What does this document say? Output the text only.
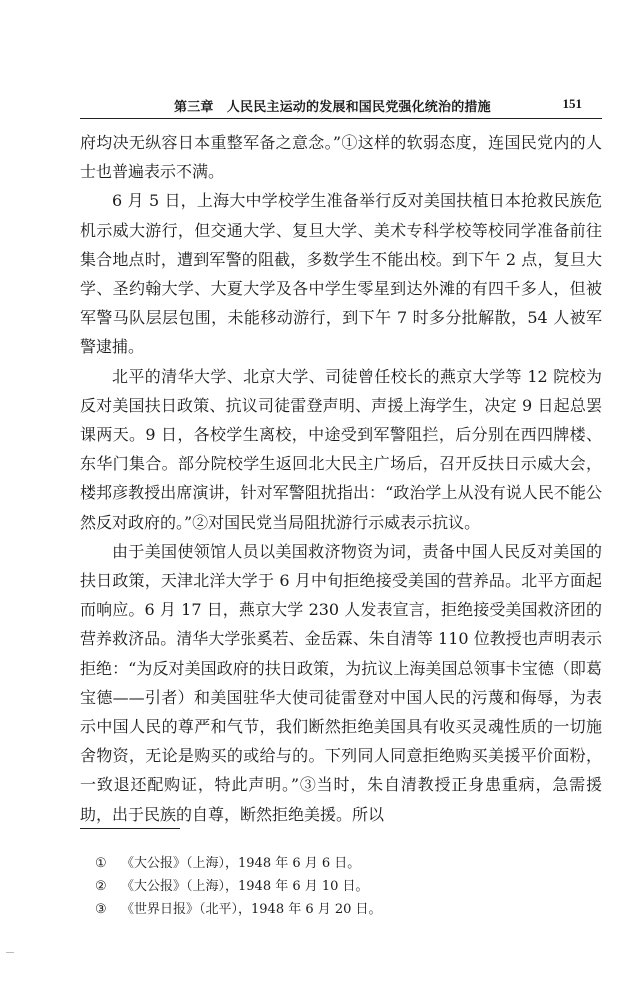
第三章　人民民主运动的发展和国民党强化统治的措施	151

府均决无纵容日本重整军备之意念。”①这样的软弱态度，连国民党内的人士也普遍表示不满。

6 月 5 日，上海大中学校学生准备举行反对美国扶植日本抢救民族危机示威大游行，但交通大学、复旦大学、美术专科学校等校同学准备前往集合地点时，遭到军警的阻截，多数学生不能出校。到下午 2 点，复旦大学、圣约翰大学、大夏大学及各中学生零星到达外滩的有四千多人，但被军警马队层层包围，未能移动游行，到下午 7 时多分批解散，54 人被军警逮捕。

北平的清华大学、北京大学、司徒曾任校长的燕京大学等 12 院校为反对美国扶日政策、抗议司徒雷登声明、声援上海学生，决定 9 日起总罢课两天。9 日，各校学生离校，中途受到军警阻拦，后分别在西四牌楼、东华门集合。部分院校学生返回北大民主广场后，召开反扶日示威大会，楼邦彦教授出席演讲，针对军警阻扰指出：“政治学上从没有说人民不能公然反对政府的。”②对国民党当局阻扰游行示威表示抗议。

由于美国使领馆人员以美国救济物资为词，责备中国人民反对美国的扶日政策，天津北洋大学于 6 月中旬拒绝接受美国的营养品。北平方面起而响应。6 月 17 日，燕京大学 230 人发表宣言，拒绝接受美国救济团的营养救济品。清华大学张奚若、金岳霖、朱自清等 110 位教授也声明表示拒绝：“为反对美国政府的扶日政策，为抗议上海美国总领事卡宝德（即葛宝德——引者）和美国驻华大使司徒雷登对中国人民的污蔑和侮辱，为表示中国人民的尊严和气节，我们断然拒绝美国具有收买灵魂性质的一切施舍物资，无论是购买的或给与的。下列同人同意拒绝购买美援平价面粉，一致退还配购证，特此声明。”③当时，朱自清教授正身患重病，急需援助，出于民族的自尊，断然拒绝美援。所以

① 《大公报》（上海），1948 年 6 月 6 日。

② 《大公报》（上海），1948 年 6 月 10 日。

③ 《世界日报》（北平），1948 年 6 月 20 日。
